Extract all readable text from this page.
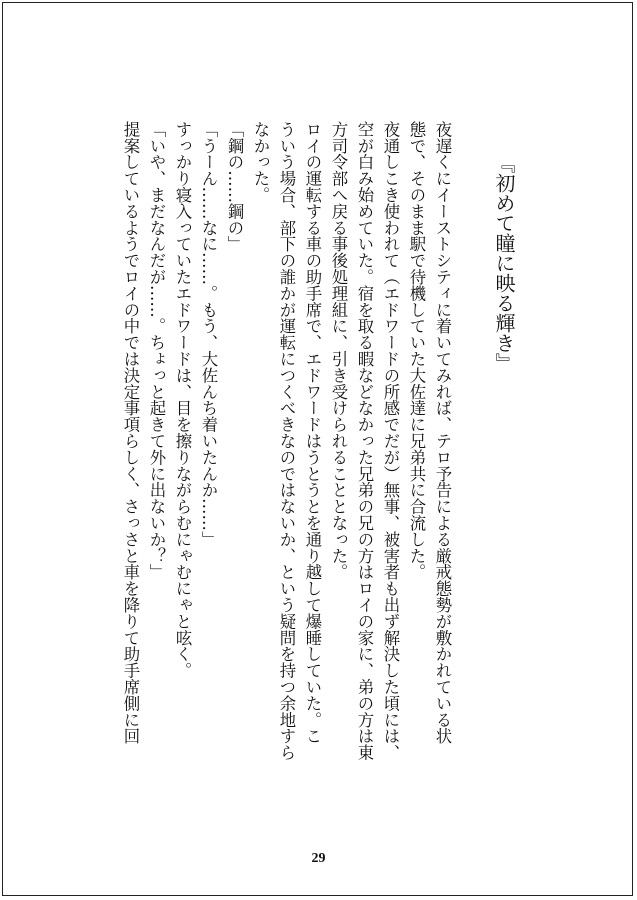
『初めて瞳に映る輝き』
夜遅くにイーストシティに着いてみれば、テロ予告による厳戒態勢が敷かれている状
態で、そのまま駅で待機していた大佐達に兄弟共に合流した。
夜通しこき使われて（エドワードの所感でだが）無事、被害者も出ず解決した頃には、
空が白み始めていた。宿を取る暇などなかった兄弟の兄の方はロイの家に、弟の方は東
方司令部へ戻る事後処理組に、引き受けられることとなった。
ロイの運転する車の助手席で、エドワードはうとうとを通り越して爆睡していた。こ
ういう場合、部下の誰かが運転につくべきなのではないか、という疑問を持つ余地すら
なかった。
「鋼の……鋼の」
「うーん……なに……。もう、大佐んち着いたんか……」
すっかり寝入っていたエドワードは、目を擦りながらむにゃむにゃと呟く。
「いや、まだなんだが……。ちょっと起きて外に出ないか？」
提案しているようでロイの中では決定事項らしく、さっさと車を降りて助手席側に回
29
